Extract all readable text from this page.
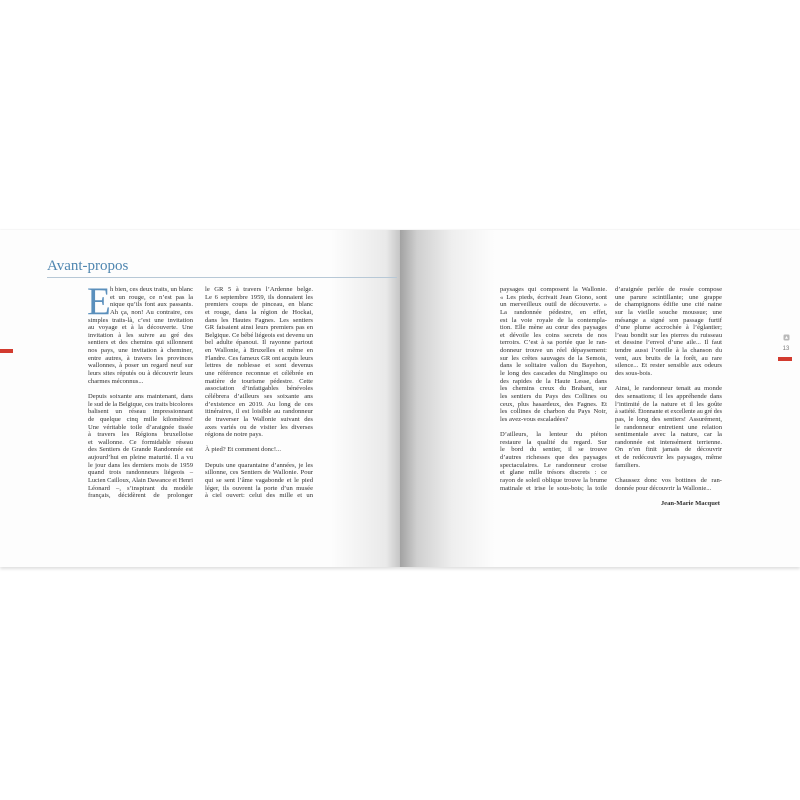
Avant-propos
E h bien, ces deux traits, un blanc
et un rouge, ce n’est pas la
nique qu’ils font aux passants.
Ah ça, non! Au contraire, ces
simples traits-là, c’est une invitation
au voyage et à la découverte. Une
invitation à les suivre au gré des
sentiers et des chemins qui sillonnent
nos pays, une invitation à cheminer,
entre autres, à travers les provinces
wallonnes, à poser un regard neuf sur
leurs sites réputés ou à découvrir leurs
charmes méconnus...
Depuis soixante ans maintenant, dans
le sud de la Belgique, ces traits bicolores
balisent un réseau impressionnant
de quelque cinq mille kilomètres!
Une véritable toile d’araignée tissée
à travers les Régions bruxelloise
et wallonne. Ce formidable réseau
des Sentiers de Grande Randonnée est
aujourd’hui en pleine maturité. Il a vu
le jour dans les derniers mois de 1959
quand trois randonneurs liégeois –
Lucien Cailloux, Alain Dawance et Henri
Léonard –, s’inspirant du modèle
français, décidèrent de prolonger
le GR 5 à travers l’Ardenne belge.
Le 6 septembre 1959, ils donnaient les
premiers coups de pinceau, en blanc
et rouge, dans la région de Hockai,
dans les Hautes Fagnes. Les sentiers
GR faisaient ainsi leurs premiers pas en
Belgique. Ce bébé liégeois est devenu un
bel adulte épanoui. Il rayonne partout
en Wallonie, à Bruxelles et même en
Flandre. Ces fameux GR ont acquis leurs
lettres de noblesse et sont devenus
une référence reconnue et célébrée en
matière de tourisme pédestre. Cette
association d’infatigables bénévoles
célébrera d’ailleurs ses soixante ans
d’existence en 2019. Au long de ces
itinéraires, il est loisible au randonneur
de traverser la Wallonie suivant des
axes variés ou de visiter les diverses
régions de notre pays.
À pied? Et comment donc!...
Depuis une quarantaine d’années, je les
sillonne, ces Sentiers de Wallonie. Pour
qui se sent l’âme vagabonde et le pied
léger, ils ouvrent la porte d’un musée
à ciel ouvert: celui des mille et un
paysages qui composent la Wallonie.
« Les pieds, écrivait Jean Giono, sont
un merveilleux outil de découverte. »
La randonnée pédestre, en effet,
est la voie royale de la contempla-
tion. Elle mène au cœur des paysages
et dévoile les coins secrets de nos
terroirs. C’est à sa portée que le ran-
donneur trouve un réel dépaysement:
sur les crêtes sauvages de la Semois,
dans le solitaire vallon du Bayehon,
le long des cascades du Ninglinspo ou
des rapides de la Haute Lesse, dans
les chemins creux du Brabant, sur
les sentiers du Pays des Collines ou
ceux, plus hasardeux, des Fagnes. Et
les collines de charbon du Pays Noir,
les avez-vous escaladées?
D’ailleurs, la lenteur du piéton
restaure la qualité du regard. Sur
le bord du sentier, il se trouve
d’autres richesses que des paysages
spectaculaires. Le randonneur croise
et glane mille trésors discrets : ce
rayon de soleil oblique trouve la brume
matinale et irise le sous-bois; la toile
d’araignée perlée de rosée compose
une parure scintillante; une grappe
de champignons édifie une cité naine
sur la vieille souche moussue; une
mésange a signé son passage furtif
d’une plume accrochée à l’églantier;
l’eau bondit sur les pierres du ruisseau
et dessine l’envol d’une aile... Il faut
tendre aussi l’oreille à la chanson du
vent, aux bruits de la forêt, au rare
silence... Et rester sensible aux odeurs
des sous-bois.
Ainsi, le randonneur tenait au monde
des sensations; il les appréhende dans
l’intimité de la nature et il les goûte
à satiété. Étonnante et excellente au gré des
pas, le long des sentiers! Assurément,
le randonneur entretient une relation
sentimentale avec la nature, car la
randonnée est intensément terrienne.
On n’en finit jamais de découvrir
et de redécouvrir les paysages, même
familiers.
Chaussez donc vos bottines de ran-
donnée pour découvrir la Wallonie...
Jean-Marie Macquet
13
